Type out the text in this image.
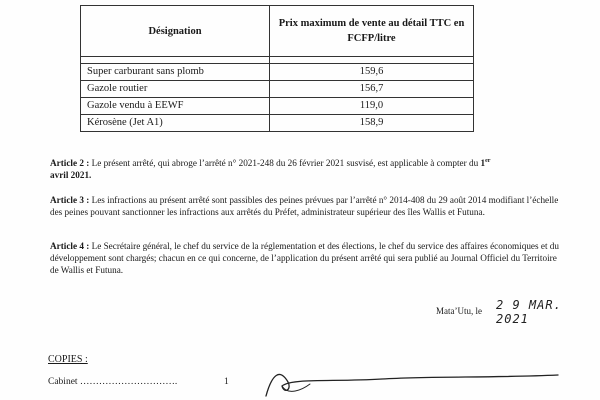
Désignation	Prix maximum de vente au détail TTC en FCFP/litre

Super carburant sans plomb	159,6
Gazole routier	156,7
Gazole vendu à EEWF	119,0
Kérosène (Jet A1)	158,9
Article 2 : Le présent arrêté, qui abroge l’arrêté n° 2021-248 du 26 février 2021 susvisé, est applicable à compter du 1er
avril 2021.
Article 3 : Les infractions au présent arrêté sont passibles des peines prévues par l’arrêté n° 2014-408 du 29 août 2014 modifiant l’échelle des peines pouvant sanctionner les infractions aux arrêtés du Préfet, administrateur supérieur des îles Wallis et Futuna.
Article 4 : Le Secrétaire général, le chef du service de la réglementation et des élections, le chef du service des affaires économiques et du développement sont chargés; chacun en ce qui concerne, de l’application du présent arrêté qui sera publié au Journal Officiel du Territoire de Wallis et Futuna.
Mata’Utu, le 2 9 MAR. 2021
COPIES :
Cabinet ………………………….	1
